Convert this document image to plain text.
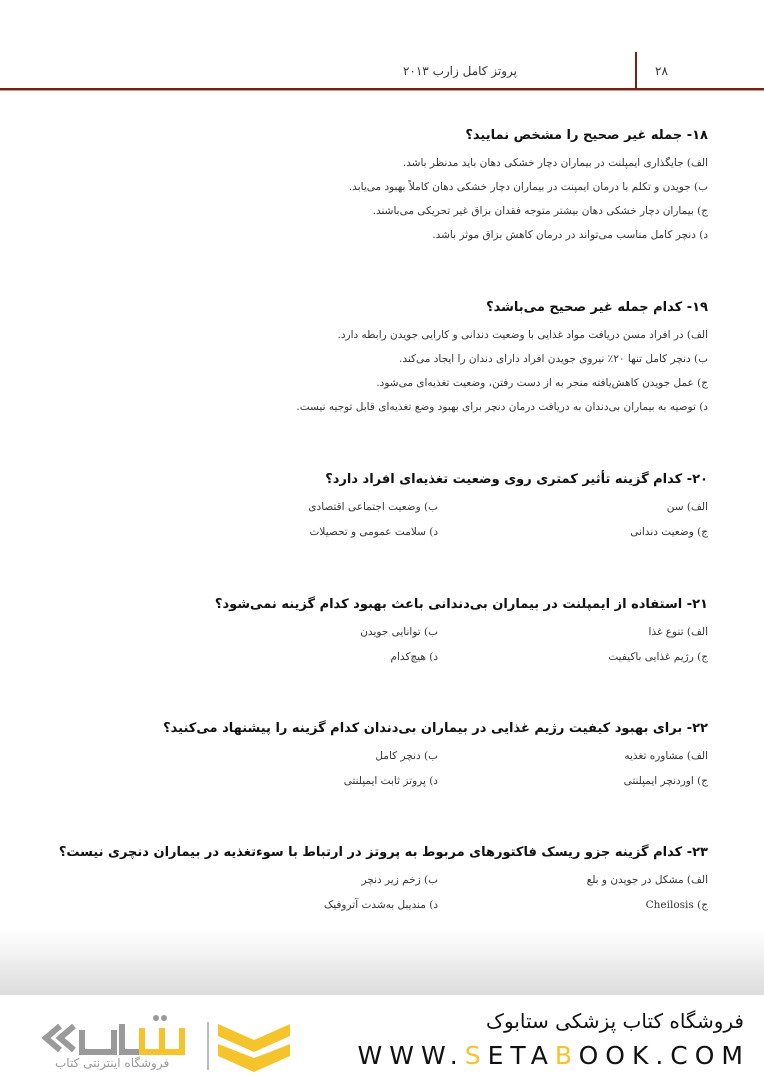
پروتز کامل زارب ۲۰۱۳	۲۸
۱۸- جمله غیر صحیح را مشخص نمایید؟
الف) جایگذاری ایمپلنت در بیماران دچار خشکی دهان باید مدنظر باشد.
ب) جویدن و تکلم با درمان ایمپنت در بیماران دچار خشکی دهان کاملاً بهبود می‌یابد.
ج) بیماران دچار خشکی دهان بیشتر متوجه فقدان بزاق غیر تحریکی می‌باشند.
د) دنچر کامل مناسب می‌تواند در درمان کاهش بزاق موثر باشد.
۱۹- کدام جمله غیر صحیح می‌باشد؟
الف) در افراد مسن دریافت مواد غذایی با وضعیت دندانی و کارایی جویدن رابطه دارد.
ب) دنچر کامل تنها ۲۰٪ نیروی جویدن افراد دارای دندان را ایجاد می‌کند.
ج) عمل جویدن کاهش‌یافته منجر به از دست رفتن، وضعیت تغذیه‌ای می‌شود.
د) توصیه به بیماران بی‌دندان به دریافت درمان دنچر برای بهبود وضع تغذیه‌ای قابل توجیه نیست.
۲۰- کدام گزینه تأثیر کمتری روی وضعیت تغذیه‌ای افراد دارد؟
الف) سن
ب) وضعیت اجتماعی اقتصادی
ج) وضعیت دندانی
د) سلامت عمومی و تحصیلات
۲۱- استفاده از ایمپلنت در بیماران بی‌دندانی باعث بهبود کدام گزینه نمی‌شود؟
الف) تنوع غذا
ب) توانایی جویدن
ج) رژیم غذایی باکیفیت
د) هیچ‌کدام
۲۲- برای بهبود کیفیت رژیم غذایی در بیماران بی‌دندان کدام گزینه را پیشنهاد می‌کنید؟
الف) مشاوره تغذیه
ب) دنچر کامل
ج) اوردنچر ایمپلنتی
د) پروتز ثابت ایمپلنتی
۲۳- کدام گزینه جزو ریسک فاکتورهای مربوط به پروتز در ارتباط با سوءتغذیه در بیماران دنچری نیست؟
الف) مشکل در جویدن و بلع
ب) زخم زیر دنچر
ج) Cheilosis
د) مندیبل به‌شدت آتروفیک
فروشگاه کتاب پزشکی ستابوک
WWW.SETABOOK.COM
فروشگاه اینترنتی کتاب
